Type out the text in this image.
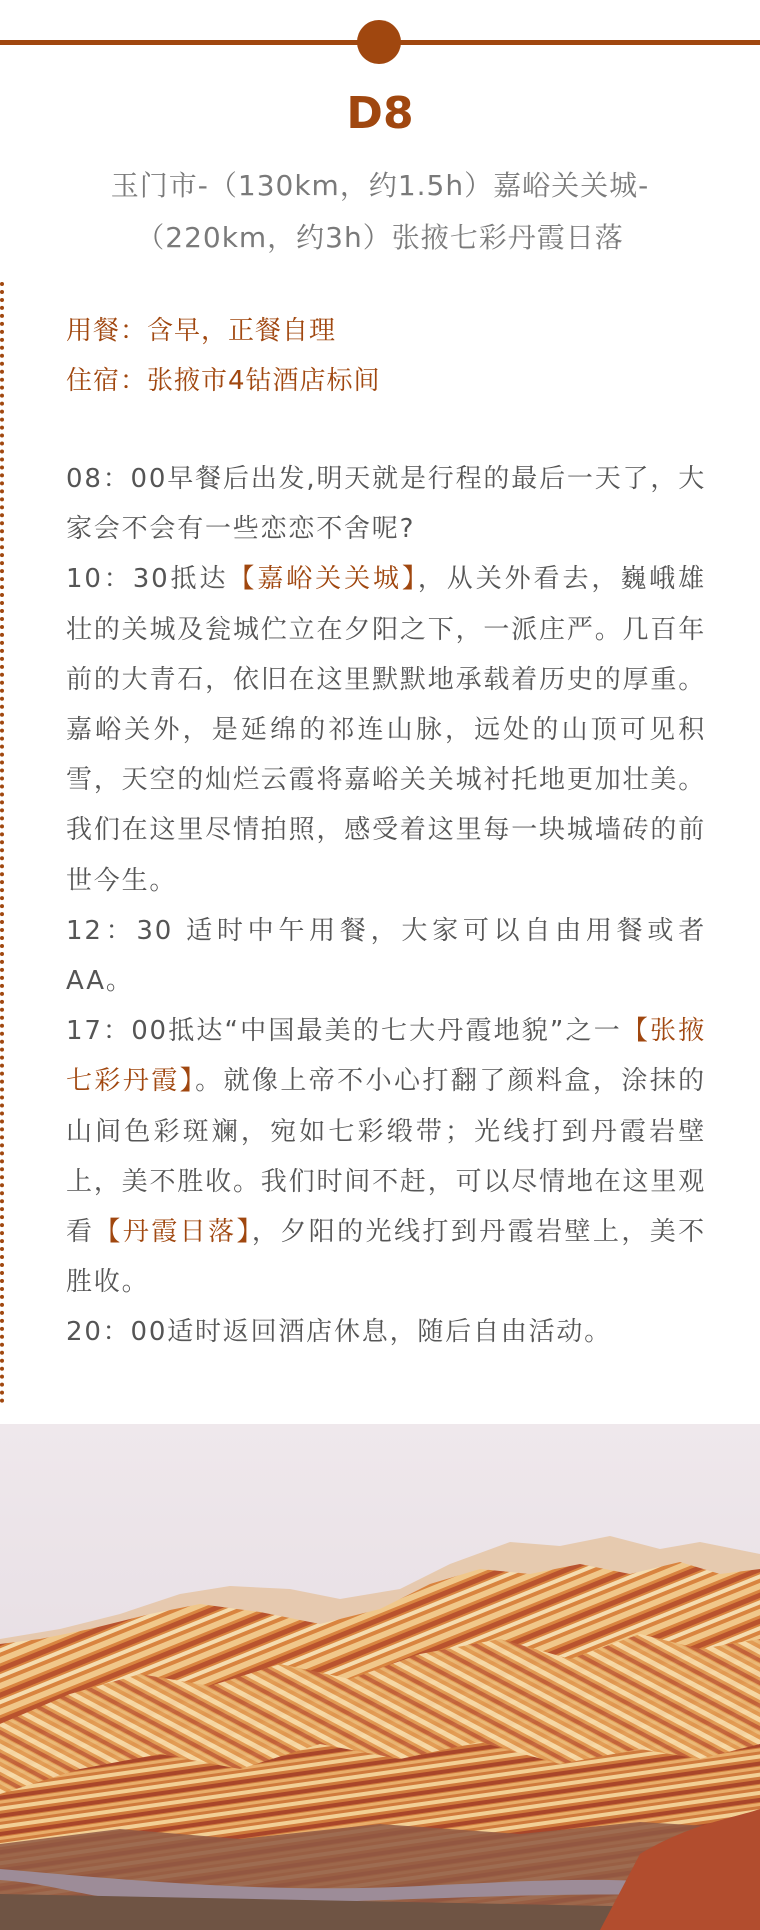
D8
玉门市-（130km，约1.5h）嘉峪关关城-（220km，约3h）张掖七彩丹霞日落
用餐：含早，正餐自理
住宿：张掖市4钻酒店标间

08：00早餐后出发,明天就是行程的最后一天了，大家会不会有一些恋恋不舍呢?

10：30抵达【嘉峪关关城】，从关外看去，巍峨雄壮的关城及瓮城伫立在夕阳之下，一派庄严。几百年前的大青石，依旧在这里默默地承载着历史的厚重。 嘉峪关外，是延绵的祁连山脉，远处的山顶可见积雪，天空的灿烂云霞将嘉峪关关城衬托地更加壮美。我们在这里尽情拍照，感受着这里每一块城墙砖的前世今生。

12：30 适时中午用餐，大家可以自由用餐或者AA。

17：00抵达“中国最美的七大丹霞地貌”之一【张掖七彩丹霞】。就像上帝不小心打翻了颜料盒，涂抹的山间色彩斑斓，宛如七彩缎带；光线打到丹霞岩壁上，美不胜收。我们时间不赶，可以尽情地在这里观看【丹霞日落】，夕阳的光线打到丹霞岩壁上，美不胜收。

20：00适时返回酒店休息，随后自由活动。
